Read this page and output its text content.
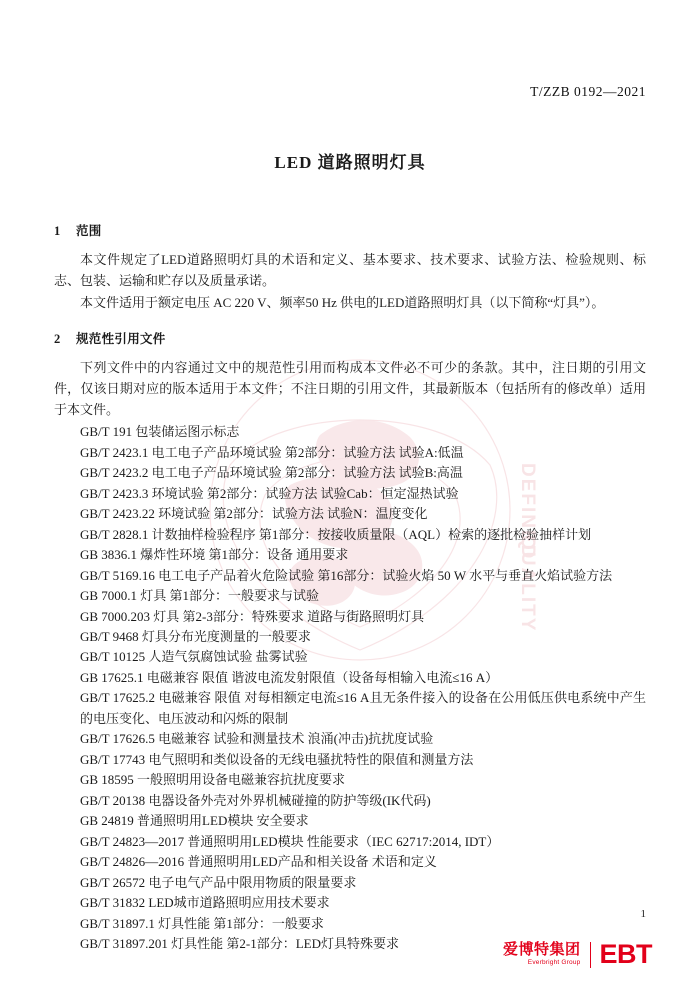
DEFINED
QUALITY
T/ZZB 0192—2021
LED 道路照明灯具
1 范围

本文件规定了LED道路照明灯具的术语和定义、基本要求、技术要求、试验方法、检验规则、标志、包装、运输和贮存以及质量承诺。

本文件适用于额定电压 AC 220 V、频率50 Hz 供电的LED道路照明灯具（以下简称“灯具”）。

2 规范性引用文件

下列文件中的内容通过文中的规范性引用而构成本文件必不可少的条款。其中，注日期的引用文件，仅该日期对应的版本适用于本文件；不注日期的引用文件，其最新版本（包括所有的修改单）适用于本文件。

GB/T 191 包装储运图示标志
GB/T 2423.1 电工电子产品环境试验 第2部分：试验方法 试验A:低温
GB/T 2423.2 电工电子产品环境试验 第2部分：试验方法 试验B:高温
GB/T 2423.3 环境试验 第2部分：试验方法 试验Cab：恒定湿热试验
GB/T 2423.22 环境试验 第2部分：试验方法 试验N：温度变化
GB/T 2828.1 计数抽样检验程序 第1部分：按接收质量限（AQL）检索的逐批检验抽样计划
GB 3836.1 爆炸性环境 第1部分：设备 通用要求
GB/T 5169.16 电工电子产品着火危险试验 第16部分：试验火焰 50 W 水平与垂直火焰试验方法
GB 7000.1 灯具 第1部分：一般要求与试验
GB 7000.203 灯具 第2-3部分：特殊要求 道路与街路照明灯具
GB/T 9468 灯具分布光度测量的一般要求
GB/T 10125 人造气氛腐蚀试验 盐雾试验
GB 17625.1 电磁兼容 限值 谐波电流发射限值（设备每相输入电流≤16 A）
GB/T 17625.2 电磁兼容 限值 对每相额定电流≤16 A且无条件接入的设备在公用低压供电系统中产生的电压变化、电压波动和闪烁的限制
GB/T 17626.5 电磁兼容 试验和测量技术 浪涌(冲击)抗扰度试验
GB/T 17743 电气照明和类似设备的无线电骚扰特性的限值和测量方法
GB 18595 一般照明用设备电磁兼容抗扰度要求
GB/T 20138 电器设备外壳对外界机械碰撞的防护等级(IK代码)
GB 24819 普通照明用LED模块 安全要求
GB/T 24823—2017 普通照明用LED模块 性能要求（IEC 62717:2014, IDT）
GB/T 24826—2016 普通照明用LED产品和相关设备 术语和定义
GB/T 26572 电子电气产品中限用物质的限量要求
GB/T 31832 LED城市道路照明应用技术要求
GB/T 31897.1 灯具性能 第1部分：一般要求
GB/T 31897.201 灯具性能 第2-1部分：LED灯具特殊要求
1
爱博特集团
Everbright Group EBT
